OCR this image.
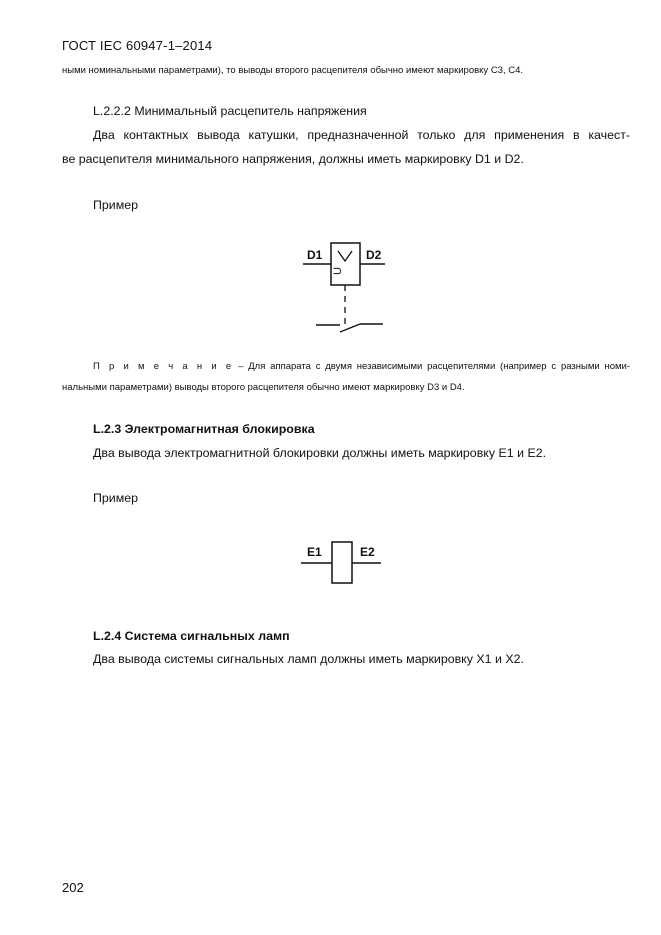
ГОСТ IEC 60947-1–2014
ными номинальными параметрами), то выводы второго расцепителя обычно имеют маркировку C3, C4.
L.2.2.2 Минимальный расцепитель напряжения
Два контактных вывода катушки, предназначенной только для применения в качест-
ве расцепителя минимального напряжения, должны иметь маркировку D1 и D2.
Пример
D1	D2
U
П р и м е ч а н и е – Для аппарата с двумя независимыми расцепителями (например с разными номи-
нальными параметрами) выводы второго расцепителя обычно имеют маркировку D3 и D4.
L.2.3 Электромагнитная блокировка
Два вывода электромагнитной блокировки должны иметь маркировку E1 и E2.
Пример
E1	E2
L.2.4 Система сигнальных ламп
Два вывода системы сигнальных ламп должны иметь маркировку X1 и X2.
202
